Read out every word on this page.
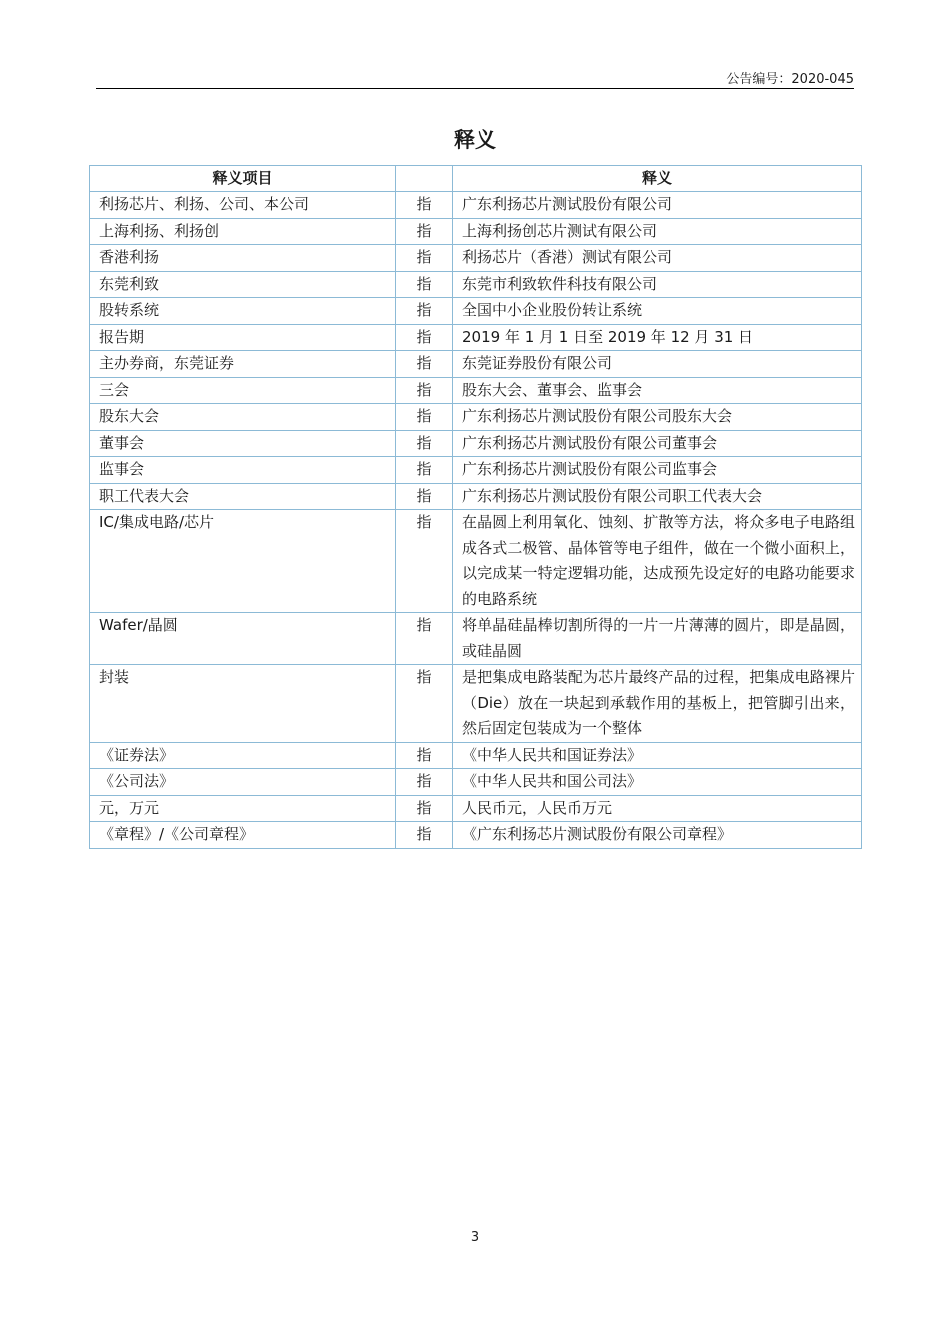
公告编号：2020-045
释义
释义项目		释义
利扬芯片、利扬、公司、本公司	指	广东利扬芯片测试股份有限公司
上海利扬、利扬创	指	上海利扬创芯片测试有限公司
香港利扬	指	利扬芯片（香港）测试有限公司
东莞利致	指	东莞市利致软件科技有限公司
股转系统	指	全国中小企业股份转让系统
报告期	指	2019 年 1 月 1 日至 2019 年 12 月 31 日
主办券商，东莞证券	指	东莞证券股份有限公司
三会	指	股东大会、董事会、监事会
股东大会	指	广东利扬芯片测试股份有限公司股东大会
董事会	指	广东利扬芯片测试股份有限公司董事会
监事会	指	广东利扬芯片测试股份有限公司监事会
职工代表大会	指	广东利扬芯片测试股份有限公司职工代表大会
IC/集成电路/芯片	指	在晶圆上利用氧化、蚀刻、扩散等方法，将众多电子电路组成各式二极管、晶体管等电子组件，做在一个微小面积上，以完成某一特定逻辑功能，达成预先设定好的电路功能要求的电路系统
Wafer/晶圆	指	将单晶硅晶棒切割所得的一片一片薄薄的圆片，即是晶圆，或硅晶圆
封装	指	是把集成电路装配为芯片最终产品的过程，把集成电路裸片（Die）放在一块起到承载作用的基板上，把管脚引出来，然后固定包装成为一个整体
《证券法》	指	《中华人民共和国证券法》
《公司法》	指	《中华人民共和国公司法》
元，万元	指	人民币元，人民币万元
《章程》/《公司章程》	指	《广东利扬芯片测试股份有限公司章程》
3
